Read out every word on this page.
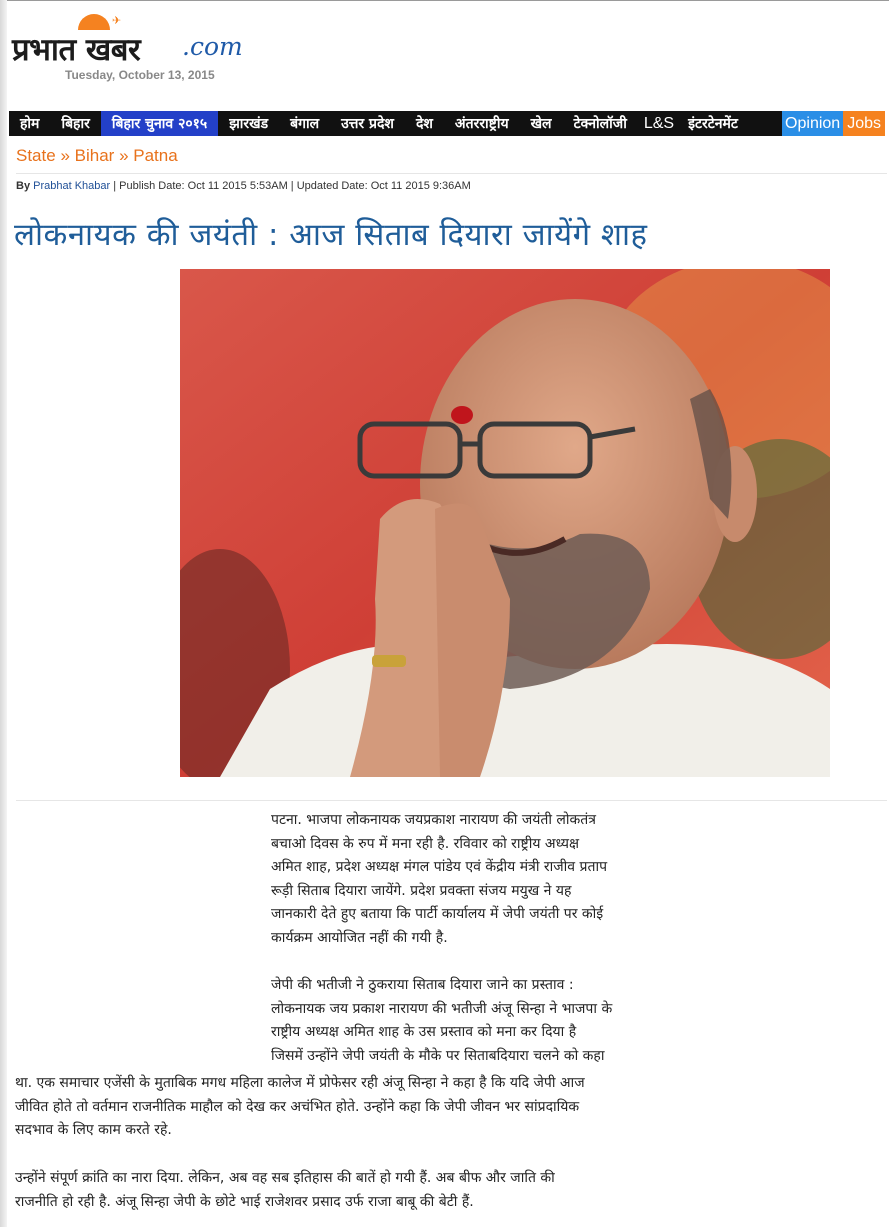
✈
प्रभात खबर .com
Tuesday, October 13, 2015
होम	बिहार	बिहार चुनाव २०१५	झारखंड	बंगाल	उत्तर प्रदेश	देश	अंतरराष्ट्रीय	खेल	टेक्नोलॉजी	L&S	इंटरटेनमेंट	Opinion Jobs
State » Bihar » Patna
By Prabhat Khabar | Publish Date: Oct 11 2015 5:53AM | Updated Date: Oct 11 2015 9:36AM
लोकनायक की जयंती : आज सिताब दियारा जायेंगे शाह

पटना. भाजपा लोकनायक जयप्रकाश नारायण की जयंती लोकतंत्र

बचाओ दिवस के रुप में मना रही है. रविवार को राष्ट्रीय अध्यक्ष

अमित शाह, प्रदेश अध्यक्ष मंगल पांडेय एवं केंद्रीय मंत्री राजीव प्रताप

रूड़ी सिताब दियारा जायेंगे. प्रदेश प्रवक्ता संजय मयुख ने यह

जानकारी देते हुए बताया कि पार्टी कार्यालय में जेपी जयंती पर कोई

कार्यक्रम आयोजित नहीं की गयी है.

जेपी की भतीजी ने ठुकराया सिताब दियारा जाने का प्रस्ताव :

लोकनायक जय प्रकाश नारायण की भतीजी अंजू सिन्हा ने भाजपा के

राष्ट्रीय अध्यक्ष अमित शाह के उस प्रस्ताव को मना कर दिया है

जिसमें उन्होंने जेपी जयंती के मौके पर सिताबदियारा चलने को कहा

था. एक समाचार एजेंसी के मुताबिक मगध महिला कालेज में प्रोफेसर रही अंजू सिन्हा ने कहा है कि यदि जेपी आज

जीवित होते तो वर्तमान राजनीतिक माहौल को देख कर अचंभित होते. उन्होंने कहा कि जेपी जीवन भर सांप्रदायिक

सदभाव के लिए काम करते रहे.

उन्होंने संपूर्ण क्रांति का नारा दिया. लेकिन, अब वह सब इतिहास की बातें हो गयी हैं. अब बीफ और जाति की

राजनीति हो रही है. अंजू सिन्हा जेपी के छोटे भाई राजेशवर प्रसाद उर्फ राजा बाबू की बेटी हैं.
